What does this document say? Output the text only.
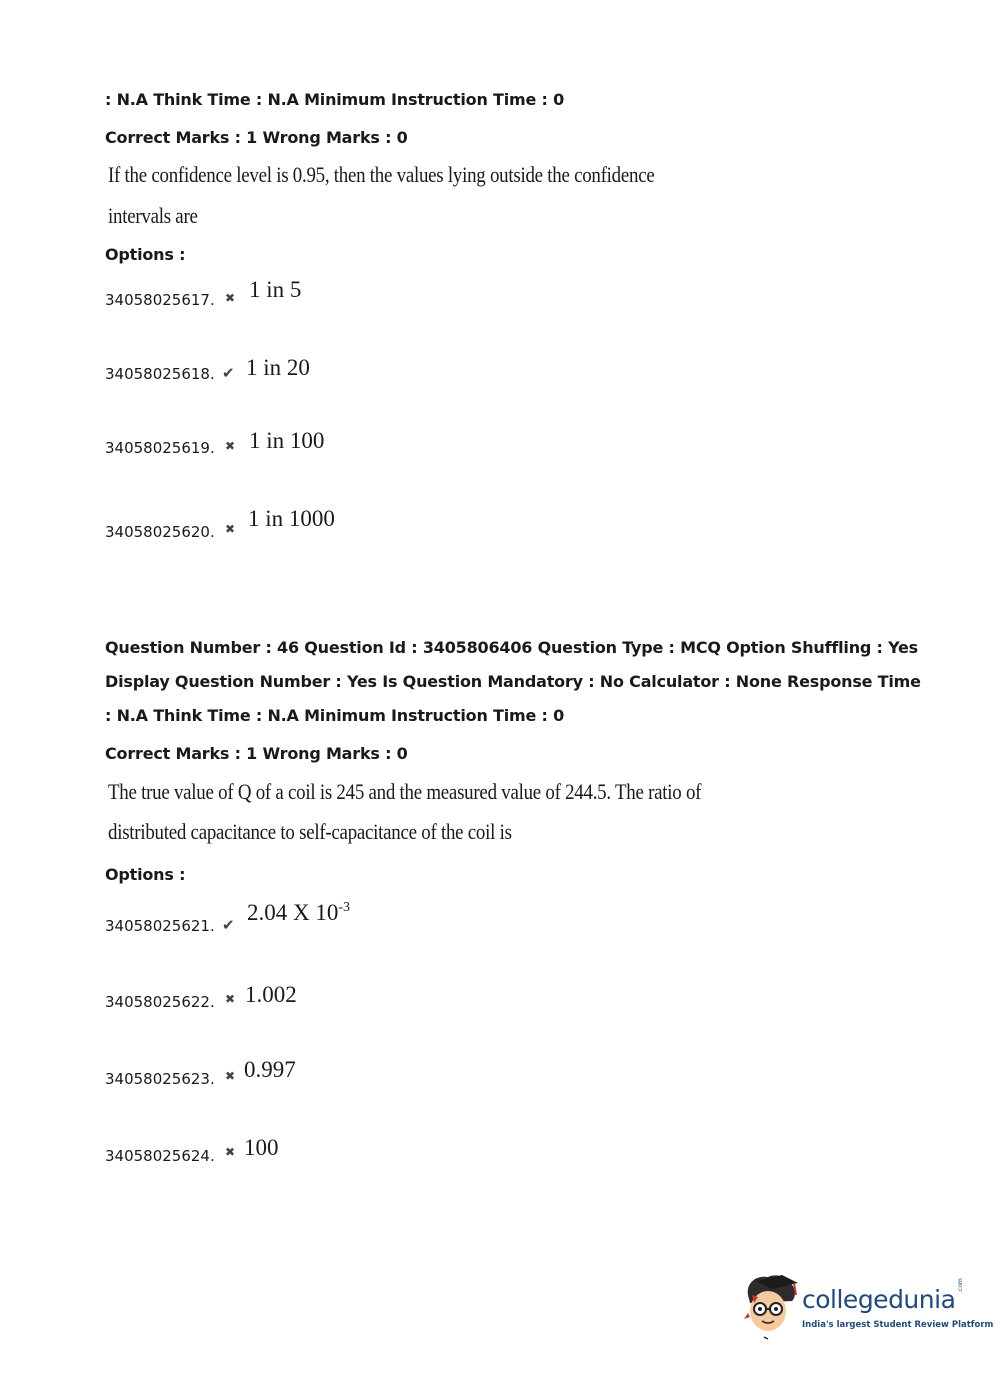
: N.A Think Time : N.A Minimum Instruction Time : 0
Correct Marks : 1 Wrong Marks : 0
If the confidence level is 0.95, then the values lying outside the confidence
intervals are
Options :
34058025617. ✖ 1 in 5
34058025618. ✔ 1 in 20
34058025619. ✖ 1 in 100
34058025620. ✖ 1 in 1000
Question Number : 46 Question Id : 3405806406 Question Type : MCQ Option Shuffling : Yes
Display Question Number : Yes Is Question Mandatory : No Calculator : None Response Time
: N.A Think Time : N.A Minimum Instruction Time : 0
Correct Marks : 1 Wrong Marks : 0
The true value of Q of a coil is 245 and the measured value of 244.5. The ratio of
distributed capacitance to self-capacitance of the coil is
Options :
34058025621. ✔ 2.04 X $10^{-3}$
34058025622. ✖ 1.002
34058025623. ✖ 0.997
34058025624. ✖ 100
collegedunia .com
India's largest Student Review Platform
